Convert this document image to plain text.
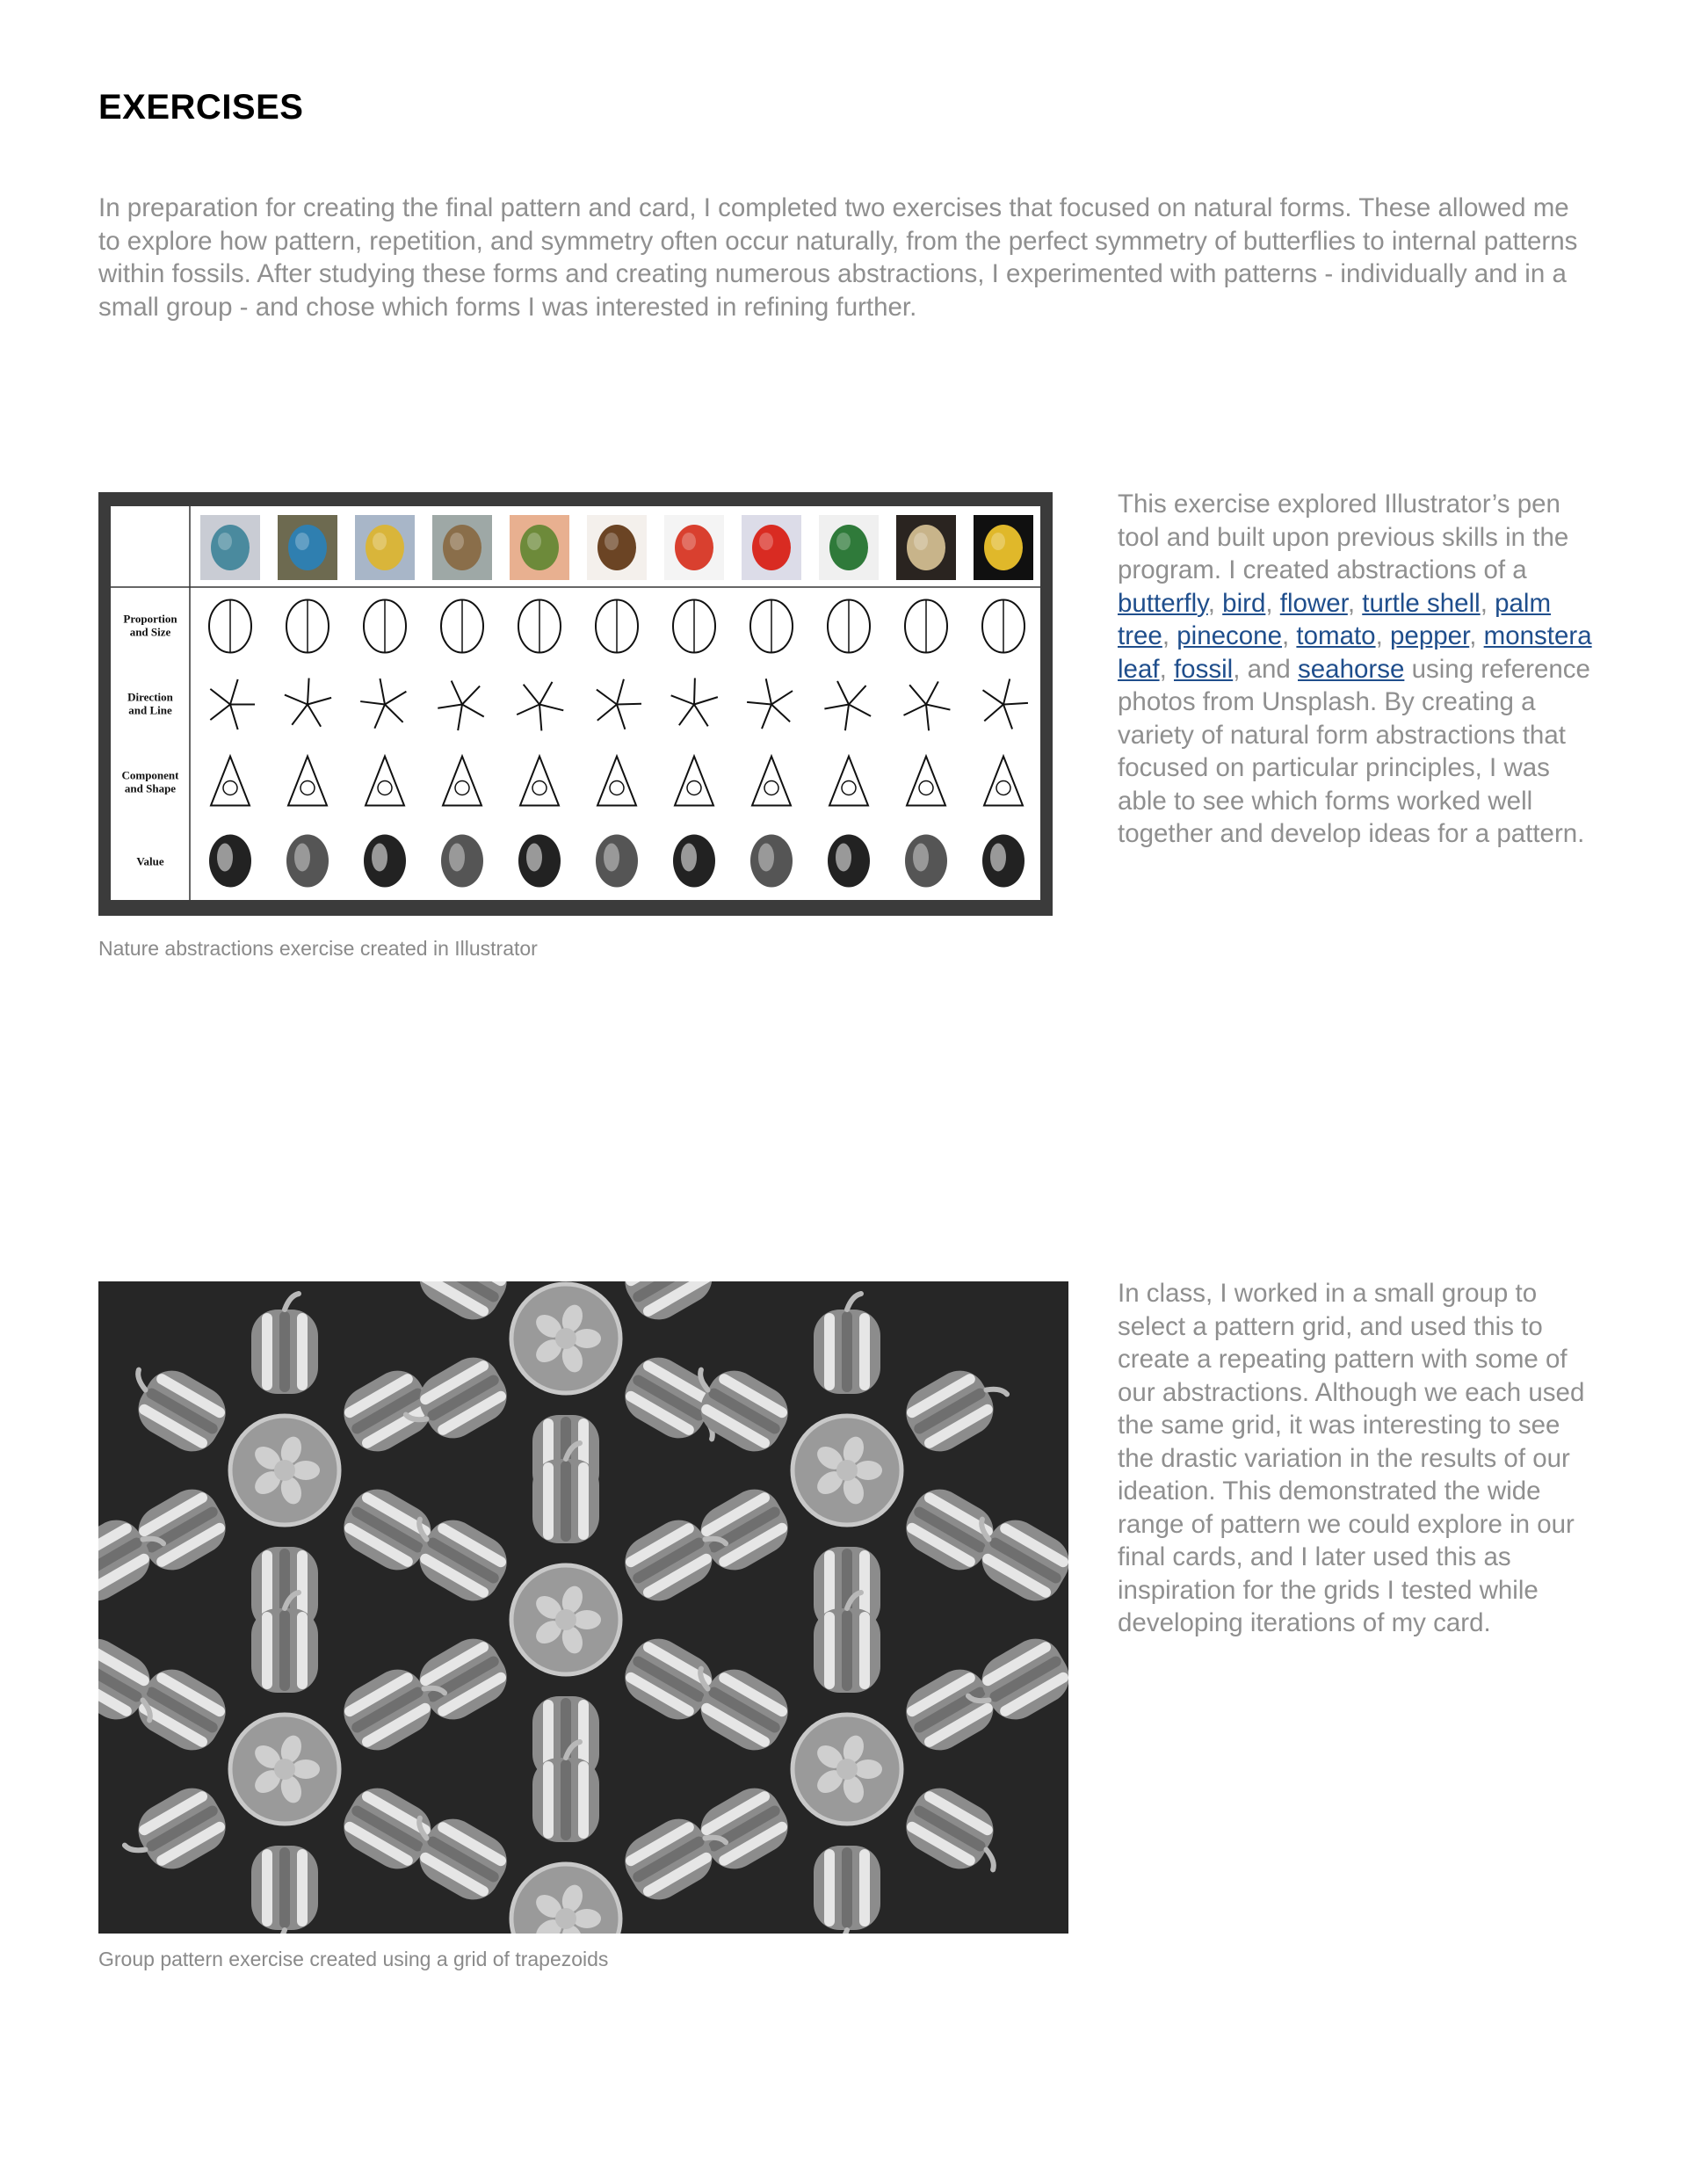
EXERCISES

In preparation for creating the final pattern and card, I completed two exercises that focused on natural forms. These allowed me to explore how pattern, repetition, and symmetry often occur naturally, from the perfect symmetry of butterflies to internal patterns within fossils. After studying these forms and creating numerous abstractions, I experimented with patterns - individually and in a small group - and chose which forms I was interested in refining further.

Proportion
and Size
Direction
and Line
Component
and Shape
Value

Nature abstractions exercise created in Illustrator

This exercise explored Illustrator’s pen tool and built upon previous skills in the program. I created abstractions of a butterfly, bird, flower, turtle shell, palm tree, pinecone, tomato, pepper, monstera leaf, fossil, and seahorse using reference photos from Unsplash. By creating a variety of natural form abstractions that focused on particular principles, I was able to see which forms worked well together and develop ideas for a pattern.

Group pattern exercise created using a grid of trapezoids

In class, I worked in a small group to select a pattern grid, and used this to create a repeating pattern with some of our abstractions. Although we each used the same grid, it was interesting to see the drastic variation in the results of our ideation. This demonstrated the wide range of pattern we could explore in our final cards, and I later used this as inspiration for the grids I tested while developing iterations of my card.
